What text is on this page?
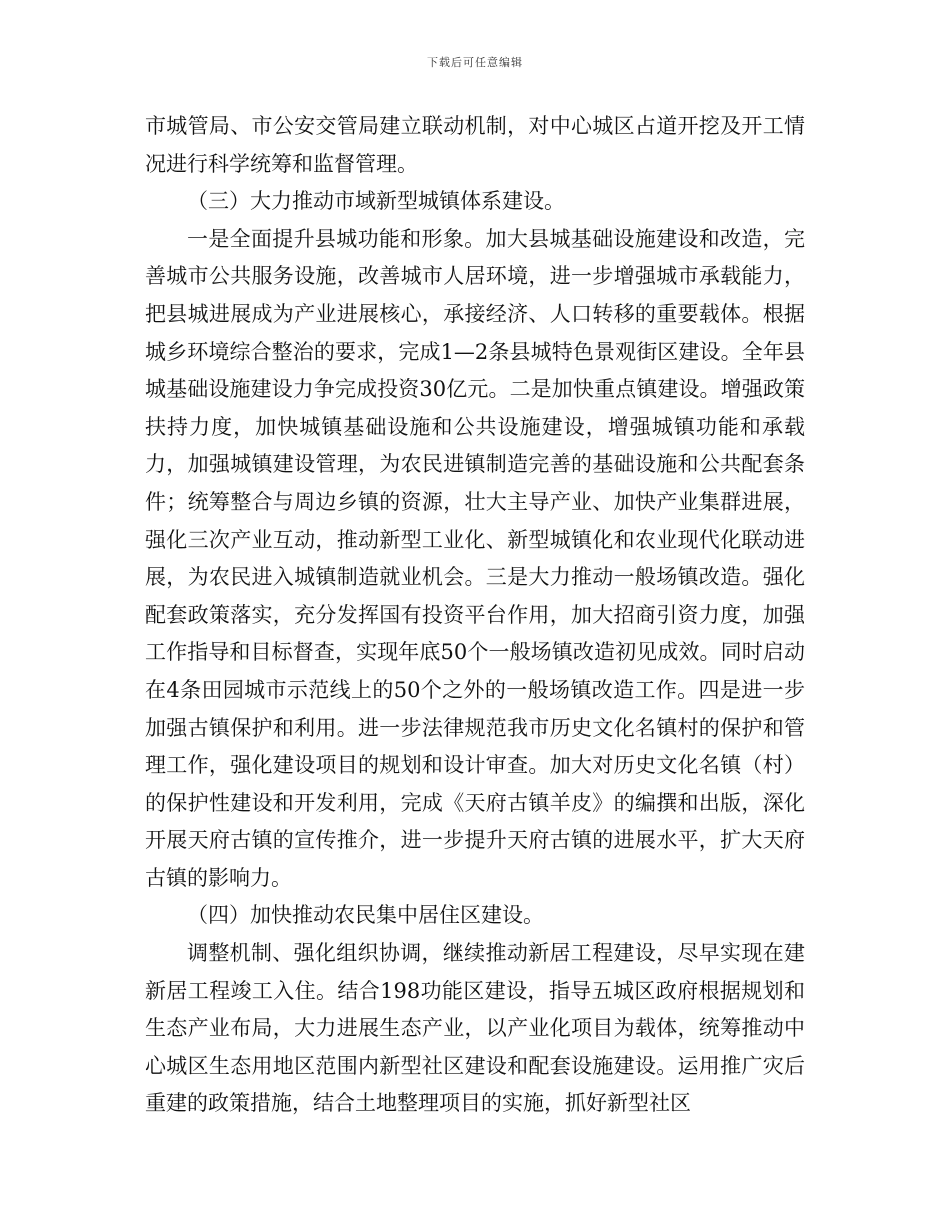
下载后可任意编辑

市城管局、市公安交管局建立联动机制，对中心城区占道开挖及开工情况进行科学统筹和监督管理。

（三）大力推动市域新型城镇体系建设。

一是全面提升县城功能和形象。加大县城基础设施建设和改造，完善城市公共服务设施，改善城市人居环境，进一步增强城市承载能力，把县城进展成为产业进展核心，承接经济、人口转移的重要载体。根据城乡环境综合整治的要求，完成1—2条县城特色景观街区建设。全年县城基础设施建设力争完成投资30亿元。二是加快重点镇建设。增强政策扶持力度，加快城镇基础设施和公共设施建设，增强城镇功能和承载力，加强城镇建设管理，为农民进镇制造完善的基础设施和公共配套条件；统筹整合与周边乡镇的资源，壮大主导产业、加快产业集群进展，强化三次产业互动，推动新型工业化、新型城镇化和农业现代化联动进展，为农民进入城镇制造就业机会。三是大力推动一般场镇改造。强化配套政策落实，充分发挥国有投资平台作用，加大招商引资力度，加强工作指导和目标督查，实现年底50个一般场镇改造初见成效。同时启动在4条田园城市示范线上的50个之外的一般场镇改造工作。四是进一步加强古镇保护和利用。进一步法律规范我市历史文化名镇村的保护和管理工作，强化建设项目的规划和设计审查。加大对历史文化名镇（村）的保护性建设和开发利用，完成《天府古镇羊皮》的编撰和出版，深化开展天府古镇的宣传推介，进一步提升天府古镇的进展水平，扩大天府古镇的影响力。

（四）加快推动农民集中居住区建设。

调整机制、强化组织协调，继续推动新居工程建设，尽早实现在建新居工程竣工入住。结合198功能区建设，指导五城区政府根据规划和生态产业布局，大力进展生态产业，以产业化项目为载体，统筹推动中心城区生态用地区范围内新型社区建设和配套设施建设。运用推广灾后重建的政策措施，结合土地整理项目的实施，抓好新型社区
